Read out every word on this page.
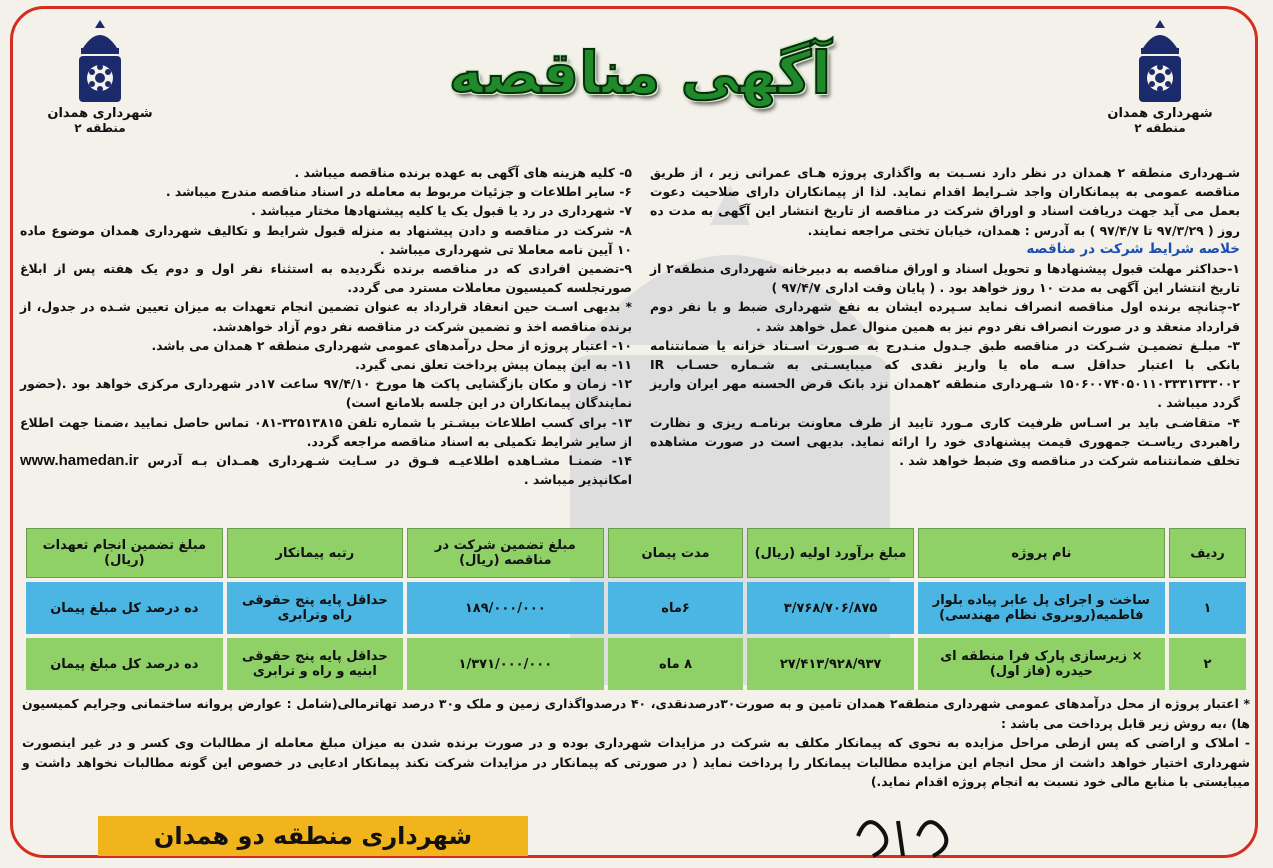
شهرداری همدان
منطقه ۲
شهرداری همدان
منطقه ۲
آگهی مناقصه

شـهرداری منطقه ۲ همدان در نظر دارد نسـبت به واگذاری پروژه هـای عمرانی زیر ، از طریق مناقصه عمومی به پیمانکاران واجد شـرایط اقدام نماید. لذا از پیمانکاران دارای صلاحیت دعوت بعمل می آید جهت دریافت اسناد و اوراق شرکت در مناقصه از تاریخ انتشار این آگهی به مدت ده روز ( ۹۷/۳/۲۹ تا ۹۷/۴/۷ ) به آدرس : همدان، خیابان تختی مراجعه نمایند.

خلاصه شرایط شرکت در مناقصه

۱-حداکثر مهلت قبول پیشنهادها و تحویل اسناد و اوراق مناقصه به دبیرخانه شهرداری منطقه۲ از تاریخ انتشار این آگهی به مدت ۱۰ روز خواهد بود . ( پایان وقت اداری ۹۷/۴/۷ )

۲-چنانچه برنده اول مناقصه انصراف نماید سـپرده ایشان به نفع شهرداری ضبط و با نفر دوم قرارداد منعقد و در صورت انصراف نفر دوم نیز به همین منوال عمل خواهد شد .

۳- مبلـغ تضمیـن شـرکت در مناقصه طبق جـدول منـدرج به صـورت اسـناد خزانه یا ضمانتنامه بانکی با اعتبار حداقل سـه ماه یا واریز نقدی که میبایسـتی به شـماره حسـاب IR ۱۵۰۶۰۰۷۴۰۵۰۱۱۰۳۳۳۱۳۳۳۰۰۲ شـهرداری منطقه ۲همدان نزد بانک قرض الحسنه مهر ایران واریز گردد میباشد .

۴- متقاضـی باید بر اسـاس ظرفیت کاری مـورد تایید از طرف معاونت برنامـه ریزی و نظارت راهبردی ریاسـت جمهوری قیمت پیشنهادی خود را ارائه نماید. بدیهی است در صورت مشاهده تخلف ضمانتنامه شرکت در مناقصه وی ضبط خواهد شد .

۵- کلیه هزینه های آگهی به عهده برنده مناقصه میباشد .

۶- سایر اطلاعات و جزئیات مربوط به معامله در اسناد مناقصه مندرج میباشد .

۷- شهرداری در رد یا قبول یک یا کلیه پیشنهادها مختار میباشد .

۸- شرکت در مناقصه و دادن پیشنهاد به منزله قبول شرایط و تکالیف شهرداری همدان موضوع ماده ۱۰ آیین نامه معاملا تی شهرداری میباشد .

۹-تضمین افرادی که در مناقصه برنده نگردیده به استثناء نفر اول و دوم یک هفته پس از ابلاغ صورتجلسه کمیسیون معاملات مسترد می گردد.

* بدیهی اسـت حین انعقاد قرارداد به عنوان تضمین انجام تعهدات به میزان تعیین شـده در جدول، از برنده مناقصه اخذ و تضمین شرکت در مناقصه نفر دوم آزاد خواهدشد.

۱۰- اعتبار پروژه از محل درآمدهای عمومی شهرداری منطقه ۲ همدان می باشد.

۱۱- به این پیمان پیش پرداخت تعلق نمی گیرد.

۱۲- زمان و مکان بازگشایی پاکت ها مورخ ۹۷/۴/۱۰ ساعت ۱۷در شهرداری مرکزی خواهد بود .(حضور نمایندگان پیمانکاران در این جلسه بلامانع است)

۱۳- برای کسب اطلاعات بیشـتر با شماره تلفن ۳۲۵۱۳۸۱۵-۰۸۱ تماس حاصل نمایید ،ضمنا جهت اطلاع از سایر شرایط تکمیلی به اسناد مناقصه مراجعه گردد.

۱۴- ضمنـا مشـاهده اطلاعیـه فـوق در سـایت شـهرداری همـدان بـه آدرس www.hamedan.ir امکانپذیر میباشد .

ردیف	نام پروژه	مبلغ برآورد اولیه (ریال)	مدت پیمان	مبلغ تضمین شرکت در مناقصه (ریال)	رتبه پیمانکار	مبلغ تضمین انجام تعهدات (ریال)
۱	ساخت و اجرای پل عابر پیاده بلوار فاطمیه(روبروی نظام مهندسی)	۳/۷۶۸/۷۰۶/۸۷۵	۶ماه	۱۸۹/۰۰۰/۰۰۰	حداقل پایه پنج حقوقی راه وترابری	ده درصد کل مبلغ پیمان
۲	× زیرسازی پارک فرا منطقه ای حیدره (فاز اول)	۲۷/۴۱۳/۹۲۸/۹۳۷	۸ ماه	۱/۳۷۱/۰۰۰/۰۰۰	حداقل پایه پنج حقوقی ابنیه و راه و ترابری	ده درصد کل مبلغ پیمان

* اعتبار پروژه از محل درآمدهای عمومی شهرداری منطقه۲ همدان تامین و به صورت۳۰درصدنقدی، ۴۰ درصدواگذاری زمین و ملک و۳۰ درصد تهاترمالی(شامل : عوارض پروانه ساختمانی وجرایم کمیسیون ها) ،به روش زیر قابل پرداخت می باشد :

- املاک و اراضی که پس ازطی مراحل مزایده به نحوی که پیمانکار مکلف به شرکت در مزایدات شهرداری بوده و در صورت برنده شدن به میزان مبلغ معامله از مطالبات وی کسر و در غیر اینصورت شهرداری اختیار خواهد داشت از محل انجام این مزایده مطالبات پیمانکار را پرداخت نماید ( در صورتی که پیمانکار در مزایدات شرکت نکند پیمانکار ادعایی در خصوص این گونه مطالبات نخواهد داشت و میبایستی با منابع مالی خود نسبت به انجام پروژه اقدام نماید.)

شهرداری منطقه دو همدان
